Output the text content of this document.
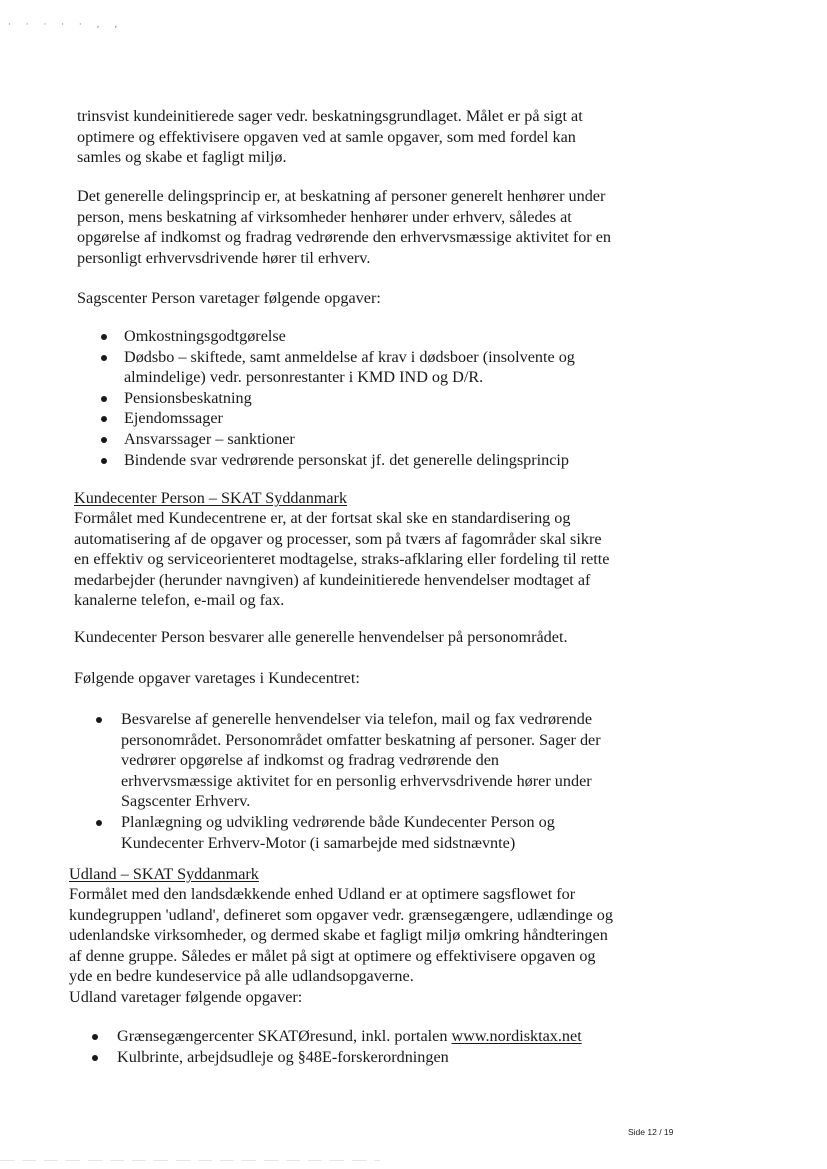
· · · · · ‚ ‚

trinsvist kundeinitierede sager vedr. beskatningsgrundlaget. Målet er på sigt at optimere og effektivisere opgaven ved at samle opgaver, som med fordel kan samles og skabe et fagligt miljø.

Det generelle delingsprincip er, at beskatning af personer generelt henhører under person, mens beskatning af virksomheder henhører under erhverv, således at opgørelse af indkomst og fradrag vedrørende den erhvervsmæssige aktivitet for en personligt erhvervsdrivende hører til erhverv.

Sagscenter Person varetager følgende opgaver:

Omkostningsgodtgørelse
Dødsbo – skiftede, samt anmeldelse af krav i dødsboer (insolvente og almindelige) vedr. personrestanter i KMD IND og D/R.
Pensionsbeskatning
Ejendomssager
Ansvarssager – sanktioner
Bindende svar vedrørende personskat jf. det generelle delingsprincip

Kundecenter Person – SKAT Syddanmark

Formålet med Kundecentrene er, at der fortsat skal ske en standardisering og automatisering af de opgaver og processer, som på tværs af fagområder skal sikre en effektiv og serviceorienteret modtagelse, straks-afklaring eller fordeling til rette medarbejder (herunder navngiven) af kundeinitierede henvendelser modtaget af kanalerne telefon, e-mail og fax.

Kundecenter Person besvarer alle generelle henvendelser på personområdet.

Følgende opgaver varetages i Kundecentret:

Besvarelse af generelle henvendelser via telefon, mail og fax vedrørende personområdet. Personområdet omfatter beskatning af personer. Sager der vedrører opgørelse af indkomst og fradrag vedrørende den erhvervsmæssige aktivitet for en personlig erhvervsdrivende hører under Sagscenter Erhverv.
Planlægning og udvikling vedrørende både Kundecenter Person og Kundecenter Erhverv-Motor (i samarbejde med sidstnævnte)

Udland – SKAT Syddanmark

Formålet med den landsdækkende enhed Udland er at optimere sagsflowet for kundegruppen 'udland', defineret som opgaver vedr. grænsegængere, udlændinge og udenlandske virksomheder, og dermed skabe et fagligt miljø omkring håndteringen af denne gruppe. Således er målet på sigt at optimere og effektivisere opgaven og yde en bedre kundeservice på alle udlandsopgaverne.

Udland varetager følgende opgaver:

Grænsegængercenter SKATØresund, inkl. portalen www.nordisktax.net
Kulbrinte, arbejdsudleje og §48E-forskerordningen
Side 12 / 19
